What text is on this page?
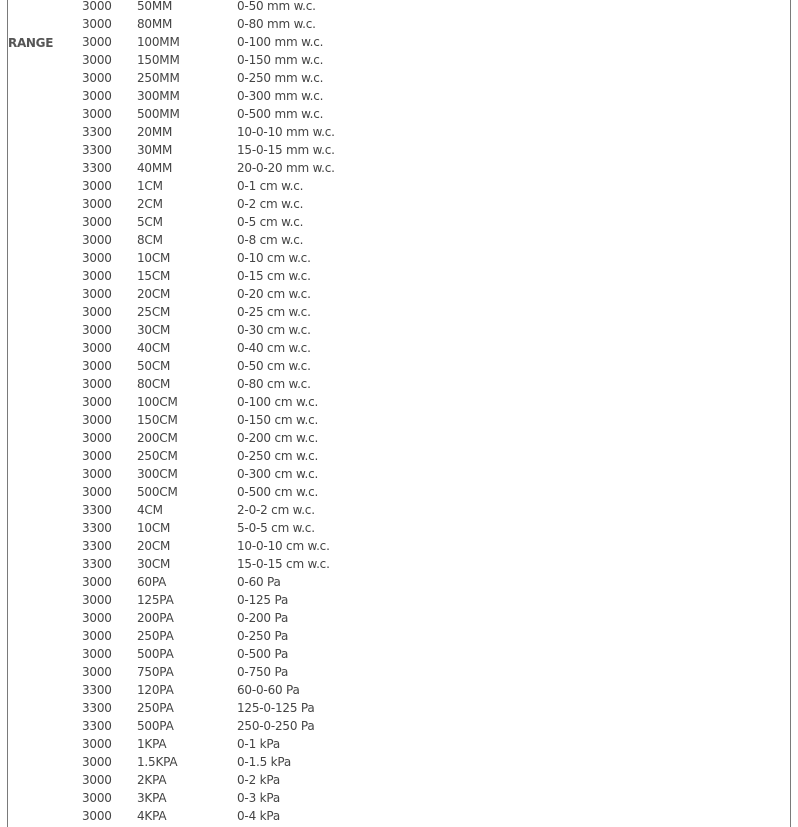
RANGE
3000 50MM	0-50 mm w.c.
3000 80MM	0-80 mm w.c.
3000 100MM	0-100 mm w.c.
3000 150MM	0-150 mm w.c.
3000 250MM	0-250 mm w.c.
3000 300MM	0-300 mm w.c.
3000 500MM	0-500 mm w.c.
3300 20MM	10-0-10 mm w.c.
3300 30MM	15-0-15 mm w.c.
3300 40MM	20-0-20 mm w.c.
3000 1CM	0-1 cm w.c.
3000 2CM	0-2 cm w.c.
3000 5CM	0-5 cm w.c.
3000 8CM	0-8 cm w.c.
3000 10CM	0-10 cm w.c.
3000 15CM	0-15 cm w.c.
3000 20CM	0-20 cm w.c.
3000 25CM	0-25 cm w.c.
3000 30CM	0-30 cm w.c.
3000 40CM	0-40 cm w.c.
3000 50CM	0-50 cm w.c.
3000 80CM	0-80 cm w.c.
3000 100CM	0-100 cm w.c.
3000 150CM	0-150 cm w.c.
3000 200CM	0-200 cm w.c.
3000 250CM	0-250 cm w.c.
3000 300CM	0-300 cm w.c.
3000 500CM	0-500 cm w.c.
3300 4CM	2-0-2 cm w.c.
3300 10CM	5-0-5 cm w.c.
3300 20CM	10-0-10 cm w.c.
3300 30CM	15-0-15 cm w.c.
3000 60PA	0-60 Pa
3000 125PA	0-125 Pa
3000 200PA	0-200 Pa
3000 250PA	0-250 Pa
3000 500PA	0-500 Pa
3000 750PA	0-750 Pa
3300 120PA	60-0-60 Pa
3300 250PA	125-0-125 Pa
3300 500PA	250-0-250 Pa
3000 1KPA	0-1 kPa
3000 1.5KPA	0-1.5 kPa
3000 2KPA	0-2 kPa
3000 3KPA	0-3 kPa
3000 4KPA	0-4 kPa
